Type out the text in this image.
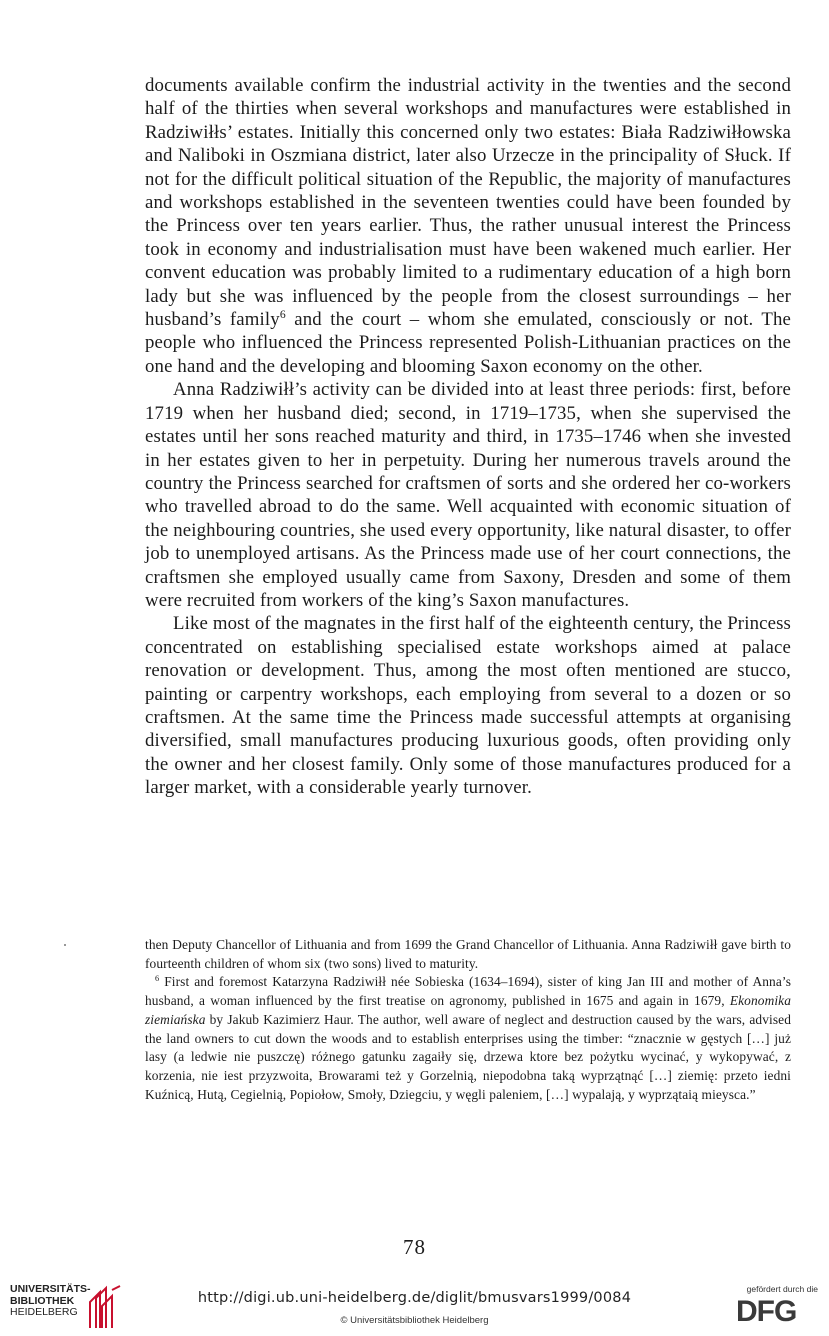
documents available confirm the industrial activity in the twenties and the second half of the thirties when several workshops and manufactures were established in Radziwiłłs’ estates. Initially this concerned only two estates: Biała Radziwiłłowska and Naliboki in Oszmiana district, later also Urzecze in the principality of Słuck. If not for the difficult political situation of the Republic, the majority of manufactures and workshops established in the seventeen twenties could have been founded by the Princess over ten years earlier. Thus, the rather unusual interest the Princess took in economy and industrialisation must have been wakened much earlier. Her convent education was probably limited to a rudimentary education of a high born lady but she was influenced by the people from the closest surroundings – her husband’s family$^6$ and the court – whom she emulated, consciously or not. The people who influenced the Princess represented Polish-Lithuanian practices on the one hand and the developing and blooming Saxon economy on the other.

Anna Radziwiłł’s activity can be divided into at least three periods: first, before 1719 when her husband died; second, in 1719–1735, when she supervised the estates until her sons reached maturity and third, in 1735–1746 when she invested in her estates given to her in perpetuity. During her numerous travels around the country the Princess searched for craftsmen of sorts and she ordered her co-workers who travelled abroad to do the same. Well acquainted with economic situation of the neighbouring countries, she used every opportunity, like natural disaster, to offer job to unemployed artisans. As the Princess made use of her court connections, the craftsmen she employed usually came from Saxony, Dresden and some of them were recruited from workers of the king’s Saxon manufactures.

Like most of the magnates in the first half of the eighteenth century, the Princess concentrated on establishing specialised estate workshops aimed at palace renovation or development. Thus, among the most often mentioned are stucco, painting or carpentry workshops, each employing from several to a dozen or so craftsmen. At the same time the Princess made successful attempts at organising diversified, small manufactures producing luxurious goods, often providing only the owner and her closest family. Only some of those manufactures produced for a larger market, with a considerable yearly turnover.

then Deputy Chancellor of Lithuania and from 1699 the Grand Chancellor of Lithuania. Anna Radziwiłł gave birth to fourteenth children of whom six (two sons) lived to maturity.

$^6$ First and foremost Katarzyna Radziwiłł née Sobieska (1634–1694), sister of king Jan III and mother of Anna’s husband, a woman influenced by the first treatise on agronomy, published in 1675 and again in 1679, Ekonomika ziemiańska by Jakub Kazimierz Haur. The author, well aware of neglect and destruction caused by the wars, advised the land owners to cut down the woods and to establish enterprises using the timber: “znacznie w gęstych […] już lasy (a ledwie nie puszczę) różnego gatunku zagaiły się, drzewa ktore bez pożytku wycinać, y wykopywać, z korzenia, nie iest przyzwoita, Browarami też y Gorzelnią, niepodobna taką wyprzątnąć […] ziemię: przeto iedni Kuźnicą, Hutą, Cegielnią, Popiołow, Smoły, Dziegciu, y węgli paleniem, […] wypalają, y wyprzątaią mieysca.”

78
UNIVERSITÄTS-
BIBLIOTHEK
HEIDELBERG
http://digi.ub.uni-heidelberg.de/diglit/bmusvars1999/0084
© Universitätsbibliothek Heidelberg
gefördert durch die
DFG
